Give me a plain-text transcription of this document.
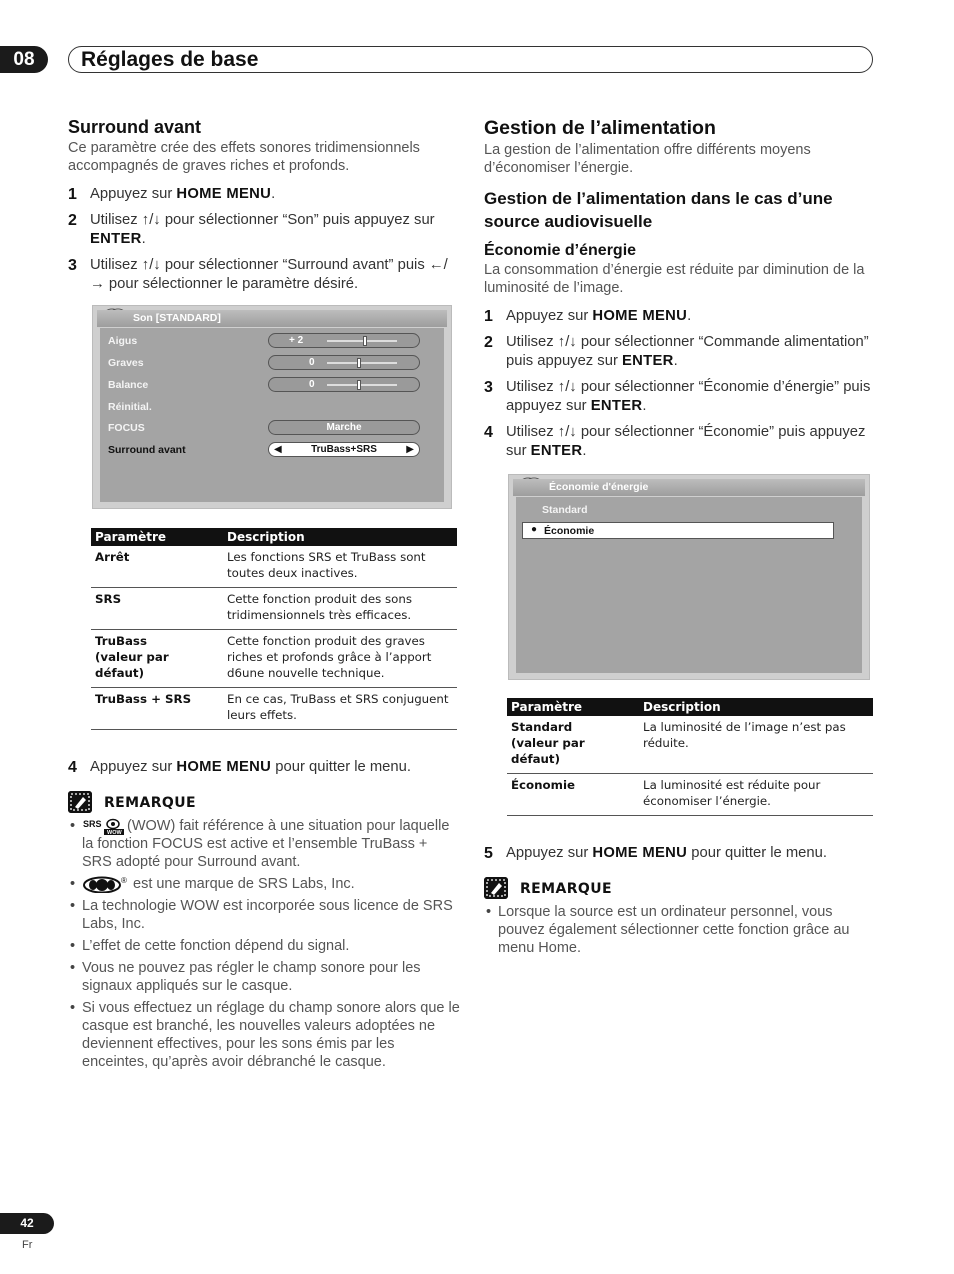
08	Réglages de base
Surround avant

Ce paramètre crée des effets sonores tridimensionnels accompagnés de graves riches et profonds.

1 Appuyez sur HOME MENU.
2 Utilisez ↑/↓ pour sélectionner “Son” puis appuyez sur ENTER.
3 Utilisez ↑/↓ pour sélectionner “Surround avant” puis ←/→ pour sélectionner le paramètre désiré.
Son [STANDARD]
Aigus	+ 2
Graves	0
Balance	0
Réinitial.
FOCUS	Marche
Surround avant	◀	TruBass+SRS	▶
Paramètre	Description
Arrêt	Les fonctions SRS et TruBass sont toutes deux inactives.
SRS	Cette fonction produit des sons tridimensionnels très efficaces.

TruBass
(valeur par défaut)	Cette fonction produit des graves riches et profonds grâce à l’apport d6une nouvelle technique.
TruBass + SRS	En ce cas, TruBass et SRS conjuguent leurs effets.
4 Appuyez sur HOME MENU pour quitter le menu.
REMARQUE
• SRS
WOW (WOW) fait référence à une situation pour laquelle la fonction FOCUS est active et l’ensemble TruBass + SRS adopté pour Surround avant.
• ® est une marque de SRS Labs, Inc.
• La technologie WOW est incorporée sous licence de SRS Labs, Inc.
• L’effet de cette fonction dépend du signal.
• Vous ne pouvez pas régler le champ sonore pour les signaux appliqués sur le casque.
• Si vous effectuez un réglage du champ sonore alors que le casque est branché, les nouvelles valeurs adoptées ne deviennent effectives, pour les sons émis par les enceintes, qu’après avoir débranché le casque.
Gestion de l’alimentation

La gestion de l’alimentation offre différents moyens d’économiser l’énergie.

Gestion de l’alimentation dans le cas d’une source audiovisuelle
Économie d’énergie

La consommation d’énergie est réduite par diminution de la luminosité de l’image.

1 Appuyez sur HOME MENU.
2 Utilisez ↑/↓ pour sélectionner “Commande alimentation” puis appuyez sur ENTER.
3 Utilisez ↑/↓ pour sélectionner “Économie d’énergie” puis appuyez sur ENTER.
4 Utilisez ↑/↓ pour sélectionner “Économie” puis appuyez sur ENTER.
Économie d'énergie
Standard
● Économie
Paramètre	Description

Standard
(valeur par défaut)	La luminosité de l’image n’est pas réduite.
Économie	La luminosité est réduite pour économiser l’énergie.
5 Appuyez sur HOME MENU pour quitter le menu.
REMARQUE
• Lorsque la source est un ordinateur personnel, vous pouvez également sélectionner cette fonction grâce au menu Home.
42
Fr
